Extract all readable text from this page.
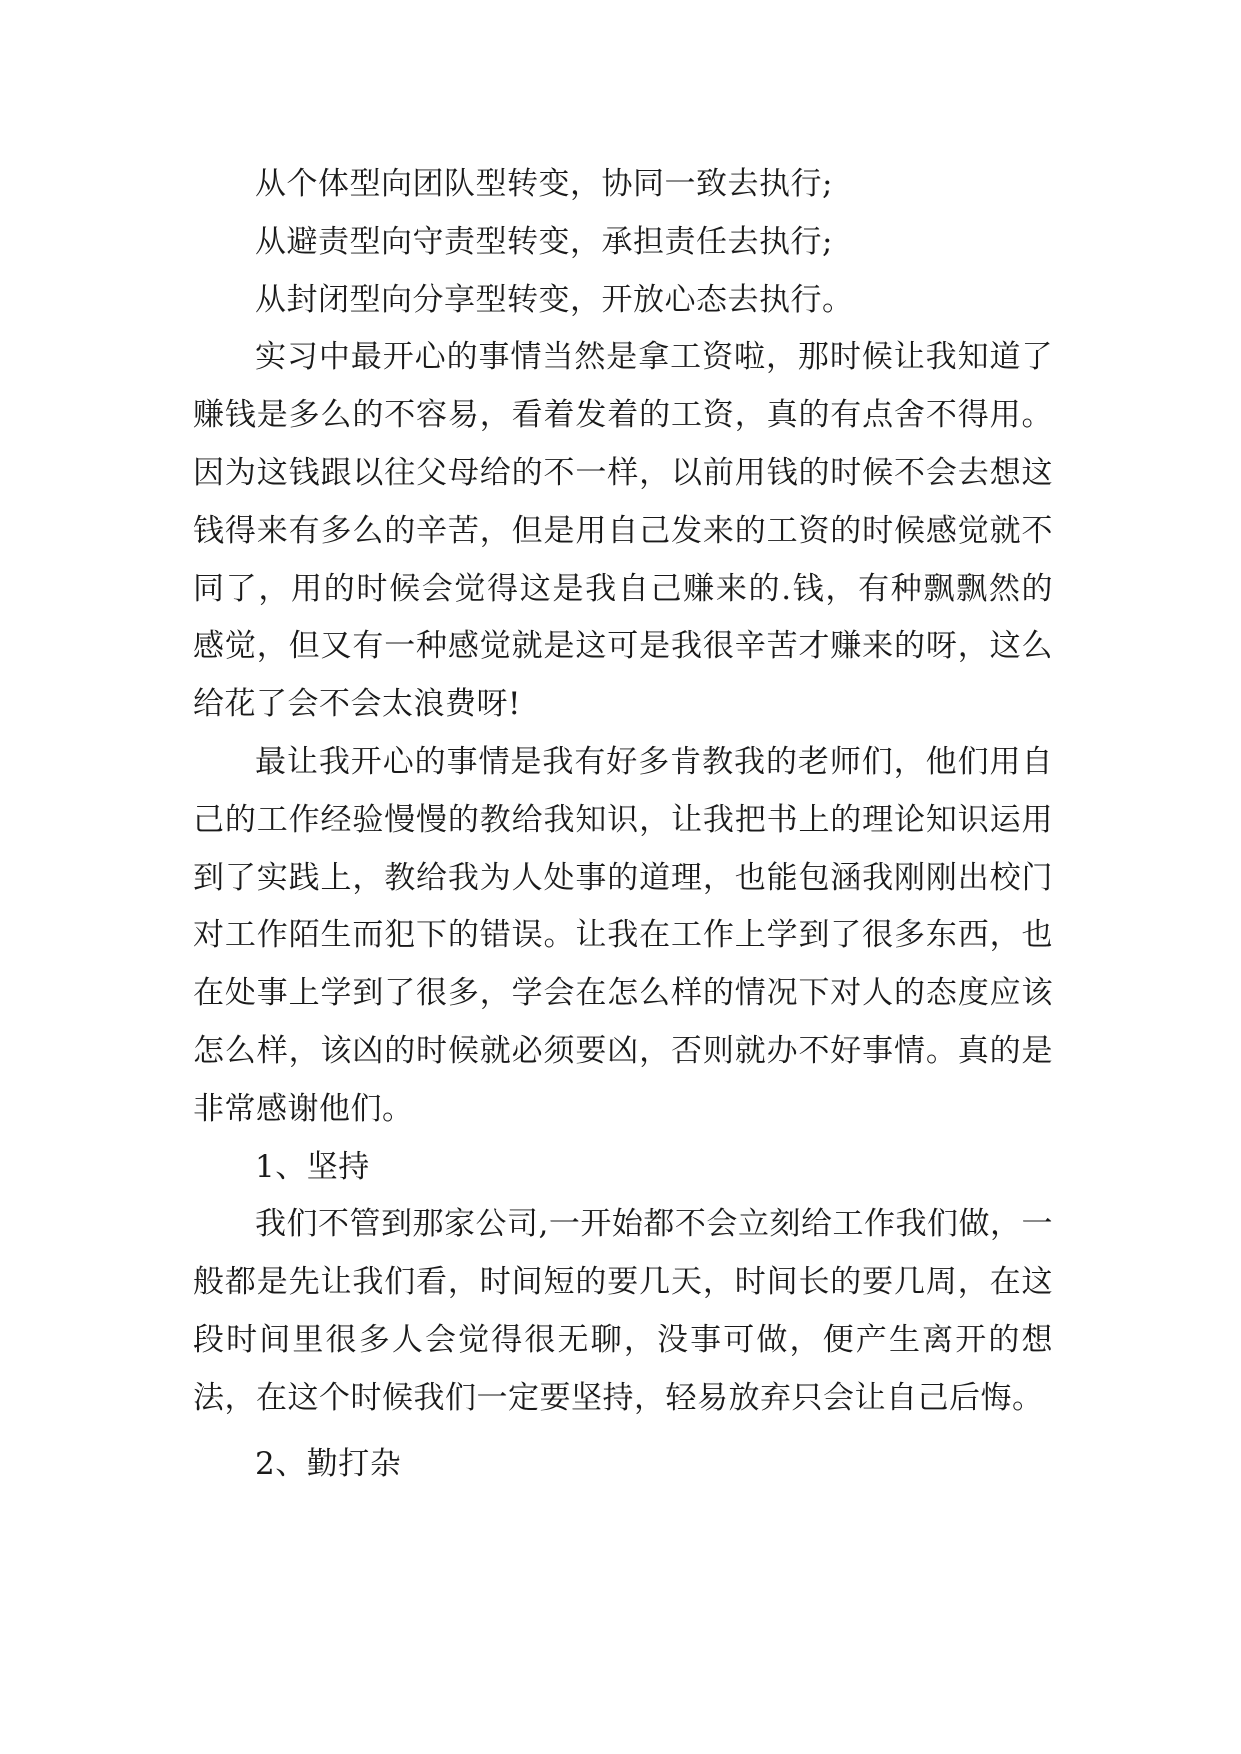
从个体型向团队型转变，协同一致去执行;

从避责型向守责型转变，承担责任去执行;

从封闭型向分享型转变，开放心态去执行。

实习中最开心的事情当然是拿工资啦，那时候让我知道了赚钱是多么的不容易，看着发着的工资，真的有点舍不得用。因为这钱跟以往父母给的不一样，以前用钱的时候不会去想这钱得来有多么的辛苦，但是用自己发来的工资的时候感觉就不同了，用的时候会觉得这是我自己赚来的.钱，有种飘飘然的感觉，但又有一种感觉就是这可是我很辛苦才赚来的呀，这么给花了会不会太浪费呀!

最让我开心的事情是我有好多肯教我的老师们，他们用自己的工作经验慢慢的教给我知识，让我把书上的理论知识运用到了实践上，教给我为人处事的道理，也能包涵我刚刚出校门对工作陌生而犯下的错误。让我在工作上学到了很多东西，也在处事上学到了很多，学会在怎么样的情况下对人的态度应该怎么样，该凶的时候就必须要凶，否则就办不好事情。真的是非常感谢他们。

1、坚持

我们不管到那家公司,一开始都不会立刻给工作我们做，一般都是先让我们看，时间短的要几天，时间长的要几周，在这段时间里很多人会觉得很无聊，没事可做，便产生离开的想法，在这个时候我们一定要坚持，轻易放弃只会让自己后悔。

2、勤打杂
